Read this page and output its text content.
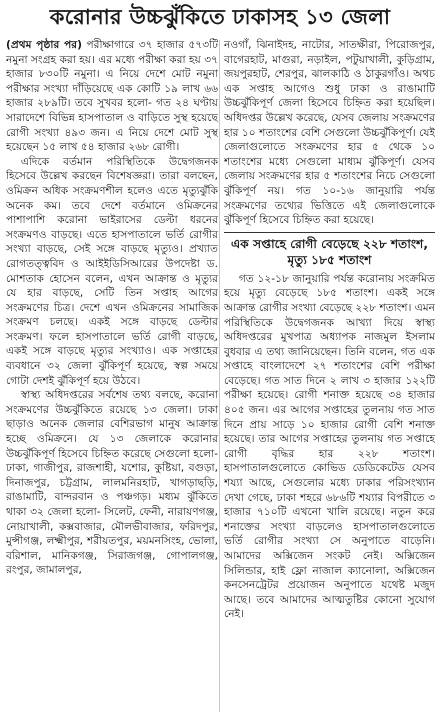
করোনার উচ্চঝুঁকিতে ঢাকাসহ ১৩ জেলা

(প্রথম পৃষ্ঠার পর) পরীক্ষাগারে ৩৭ হাজার ৫৭৩টি নমুনা সংগ্রহ করা হয়। এর মধ্যে পরীক্ষা করা হয় ৩৭ হাজার ৮৩০টি নমুনা। এ নিয়ে দেশে মোট নমুনা পরীক্ষার সংখ্যা দাঁড়িয়েছে এক কোটি ১৯ লাখ ৬৬ হাজার ২৮৯টি। তবে সুখবর হলো- গত ২৪ ঘণ্টায় সারাদেশে বিভিন্ন হাসপাতাল ও বাড়িতে সুস্থ হয়েছে রোগী সংখ্যা ৪৯৩ জন। এ নিয়ে দেশে মোট সুস্থ হয়েছেন ১৫ লাখ ৫৪ হাজার ২৬৮ রোগী।

এদিকে বর্তমান পরিস্থিতিকে উদ্বেগজনক হিসেবে উল্লেখ করছেন বিশেষজ্ঞরা। তারা বলছেন, ওমিক্রন অধিক সংক্রমণশীল হলেও এতে মৃত্যুঝুঁকি অনেক কম। তবে দেশে বর্তমানে ওমিক্রনের পাশাপাশি করোনা ভাইরাসের ডেল্টা ধরনের সংক্রমণও বাড়ছে। এতে হাসপাতালে ভর্তি রোগীর সংখ্যা বাড়ছে, সেই সঙ্গে বাড়ছে মৃত্যুও। প্রখ্যাত রোগতত্ত্ববিদ ও আইইডিসিআরের উপদেষ্টা ড. মোশতাক হোসেন বলেন, এখন আক্রান্ত ও মৃত্যুর যে হার বাড়ছে, সেটি তিন সপ্তাহ আগের সংক্রমণের চিত্র। দেশে এখন ওমিক্রনের সামাজিক সংক্রমণ চলছে। একই সঙ্গে বাড়ছে ডেল্টার সংক্রমণ। ফলে হাসপাতালে ভর্তি রোগী বাড়ছে, একই সঙ্গে বাড়ছে মৃত্যুর সংখ্যাও। এক সপ্তাহের ব্যবধানে ৩২ জেলা ঝুঁকিপূর্ণ হয়েছে, স্বল্প সময়ে গোটা দেশই ঝুঁকিপূর্ণ হয়ে উঠবে।

স্বাস্থ্য অধিদপ্তরের সর্বশেষ তথ্য বলছে, করোনা সংক্রমণের উচ্চঝুঁকিতে রয়েছে ১৩ জেলা। ঢাকা ছাড়াও অনেক জেলার বেশিরভাগ মানুষ আক্রান্ত হচ্ছে ওমিক্রনে। যে ১৩ জেলাকে করোনার উচ্চঝুঁকিপূর্ণ হিসেবে চিহ্নিত করেছে সেগুলো হলো- ঢাকা, গাজীপুর, রাজশাহী, যশোর, কুষ্টিয়া, বগুড়া, দিনাজপুর, চট্টগ্রাম, লালমনিরহাট, খাগড়াছড়ি, রাঙামাটি, বান্দরবান ও পঞ্চগড়। মধ্যম ঝুঁকিতে থাকা ৩২ জেলা হলো- সিলেট, ফেনী, নারায়ণগঞ্জ, নোয়াখালী, কক্সবাজার, মৌলভীবাজার, ফরিদপুর, মুন্সীগঞ্জ, লক্ষ্মীপুর, শরীয়তপুর, ময়মনসিংহ, ভোলা, বরিশাল, মানিকগঞ্জ, সিরাজগঞ্জ, গোপালগঞ্জ, রংপুর, জামালপুর,

নওগাঁ, ঝিনাইদহ, নাটোর, সাতক্ষীরা, পিরোজপুর, বাগেরহাট, মাগুরা, নড়াইল, পটুয়াখালী, কুড়িগ্রাম, জয়পুরহাট, শেরপুর, ঝালকাঠি ও ঠাকুরগাঁও। অথচ এক সপ্তাহ আগেও শুধু ঢাকা ও রাঙামাটি উচ্চঝুঁকিপূর্ণ জেলা হিসেবে চিহ্নিত করা হয়েছিল। অধিদপ্তর উল্লেখ করেছে, যেসব জেলায় সংক্রমণের হার ১০ শতাংশের বেশি সেগুলো উচ্চঝুঁকিপূর্ণ। যেই জেলাগুলোতে সংক্রমণের হার ৫ থেকে ১০ শতাংশের মধ্যে সেগুলো মাধ্যম ঝুঁকিপূর্ণ। যেসব জেলায় সংক্রমণের হার ৫ শতাংশের নিচে সেগুলো ঝুঁকিপূর্ণ নয়। গত ১০-১৬ জানুয়ারি পর্যন্ত সংক্রমণের তথ্যের ভিত্তিতে এই জেলাগুলোকে ঝুঁকিপূর্ণ হিসেবে চিহ্নিত করা হয়েছে।

এক সপ্তাহে রোগী বেড়েছে ২২৮ শতাংশ, মৃত্যু ১৮৫ শতাংশ

গত ১২-১৮ জানুয়ারি পর্যন্ত করোনায় সংক্রমিত হয়ে মৃত্যু বেড়েছে ১৮৫ শতাংশ। একই সঙ্গে আক্রান্ত রোগীর সংখ্যা বেড়েছে ২২৮ শতাংশ। এমন পরিস্থিতিকে উদ্বেগজনক আখ্যা দিয়ে স্বাস্থ্য অধিদপ্তরের মুখপাত্র অধ্যাপক নাজমুল ইসলাম বুধবার এ তথ্য জানিয়েছেন। তিনি বলেন, গত এক সপ্তাহে বাংলাদেশে ২৭ শতাংশের বেশি পরীক্ষা বেড়েছে। গত সাত দিনে ২ লাখ ৩ হাজার ১২২টি পরীক্ষা হয়েছে। রোগী শনাক্ত হয়েছে ৩৪ হাজার ৪০৫ জন। এর আগের সপ্তাহের তুলনায় গত সাত দিনে প্রায় সাড়ে ১০ হাজার রোগী বেশি শনাক্ত হয়েছে। তার আগের সপ্তাহের তুলনায় গত সপ্তাহে রোগী বৃদ্ধির হার ২২৮ শতাংশ। হাসপাতালগুলোতে কোভিড ডেডিকেটেড যেসব শয্যা আছে, সেগুলোর মধ্যে ঢাকার পরিসংখ্যান দেখা গেছে, ঢাকা শহরে ৬৮৬টি শয্যার বিপরীতে ৩ হাজার ৭১০টি এখনো খালি রয়েছে। নতুন করে শনাক্তের সংখ্যা বাড়লেও হাসপাতালগুলোতে ভর্তি রোগীর সংখ্যা সে অনুপাতে বাড়েনি। আমাদের অক্সিজেন সংকট নেই। অক্সিজেন সিলিন্ডার, হাই ফ্লো নাজাল ক্যানোলা, অক্সিজেন কনসেনট্রেটর প্রয়োজন অনুপাতে যথেষ্ট মজুদ আছে। তবে আমাদের আত্মতুষ্টির কোনো সুযোগ নেই।
